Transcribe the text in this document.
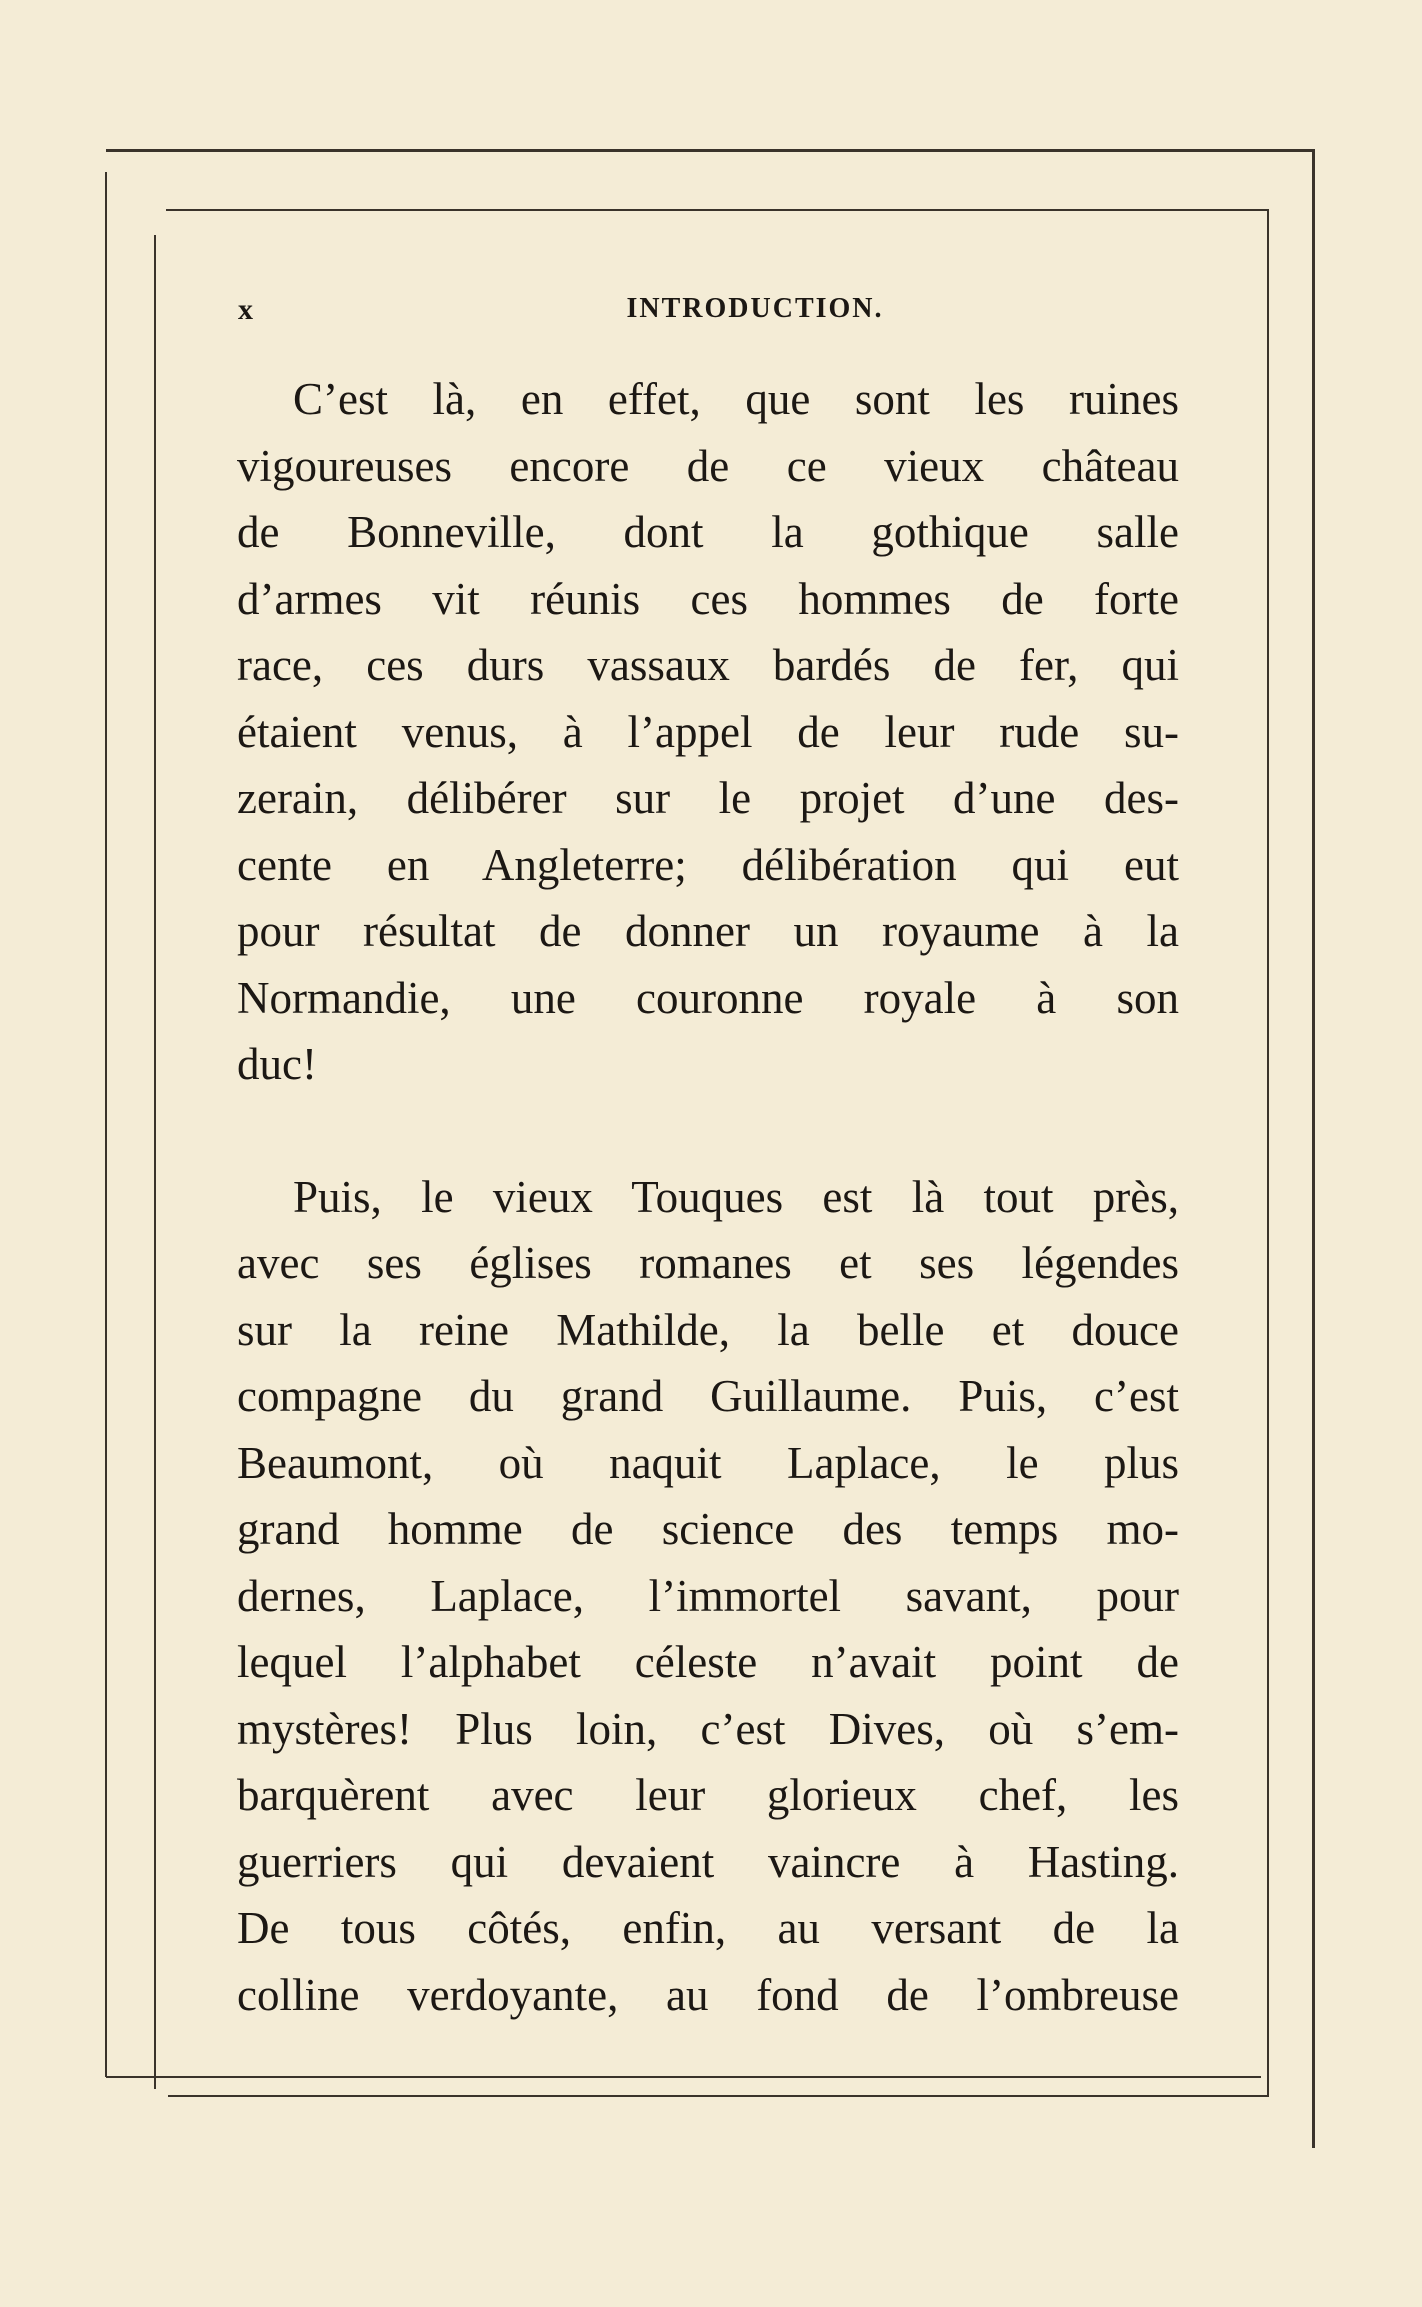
x	INTRODUCTION.
C’est là, en effet, que sont les ruines
vigoureuses encore de ce vieux château
de Bonneville, dont la gothique salle
d’armes vit réunis ces hommes de forte
race, ces durs vassaux bardés de fer, qui
étaient venus, à l’appel de leur rude su-
zerain, délibérer sur le projet d’une des-
cente en Angleterre; délibération qui eut
pour résultat de donner un royaume à la
Normandie, une couronne royale à son
duc!
Puis, le vieux Touques est là tout près,
avec ses églises romanes et ses légendes
sur la reine Mathilde, la belle et douce
compagne du grand Guillaume. Puis, c’est
Beaumont, où naquit Laplace, le plus
grand homme de science des temps mo-
dernes, Laplace, l’immortel savant, pour
lequel l’alphabet céleste n’avait point de
mystères! Plus loin, c’est Dives, où s’em-
barquèrent avec leur glorieux chef, les
guerriers qui devaient vaincre à Hasting.
De tous côtés, enfin, au versant de la
colline verdoyante, au fond de l’ombreuse
